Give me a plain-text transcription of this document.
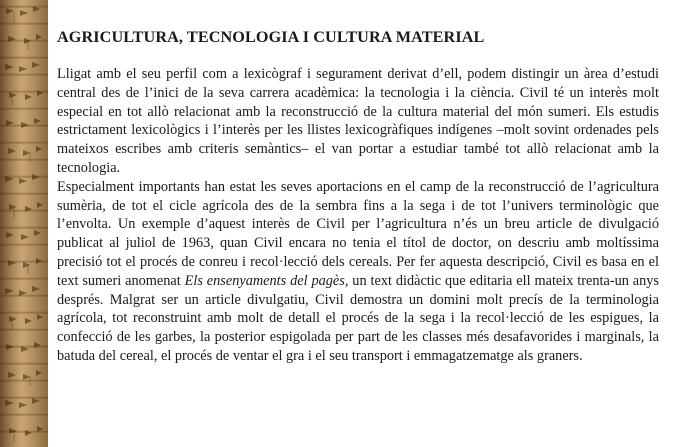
AGRICULTURA, TECNOLOGIA I CULTURA MATERIAL

Lligat amb el seu perfil com a lexicògraf i segurament derivat d’ell, podem distingir un àrea d’estudi central des de l’inici de la seva carrera acadèmica: la tecnologia i la ciència. Civil té un interès molt especial en tot allò relacionat amb la reconstrucció de la cultura material del món sumeri. Els estudis estrictament lexicològics i l’interès per les llistes lexicogràfiques indígenes –molt sovint ordenades pels mateixos escribes amb criteris semàntics– el van portar a estudiar també tot allò relacionat amb la tecnologia.

Especialment importants han estat les seves aportacions en el camp de la reconstrucció de l’agricultura sumèria, de tot el cicle agrícola des de la sembra fins a la sega i de tot l’univers terminològic que l’envolta. Un exemple d’aquest interès de Civil per l’agricultura n’és un breu article de divulgació publicat al juliol de 1963, quan Civil encara no tenia el títol de doctor, on descriu amb moltíssima precisió tot el procés de conreu i recol·lecció dels cereals. Per fer aquesta descripció, Civil es basa en el text sumeri anomenat Els ensenyaments del pagès, un text didàctic que editaria ell mateix trenta-un anys després. Malgrat ser un article divulgatiu, Civil demostra un domini molt precís de la terminologia agrícola, tot reconstruint amb molt de detall el procés de la sega i la recol·lecció de les espigues, la confecció de les garbes, la posterior espigolada per part de les classes més desafavorides i marginals, la batuda del cereal, el procés de ventar el gra i el seu transport i emmagatzematge als graners.
